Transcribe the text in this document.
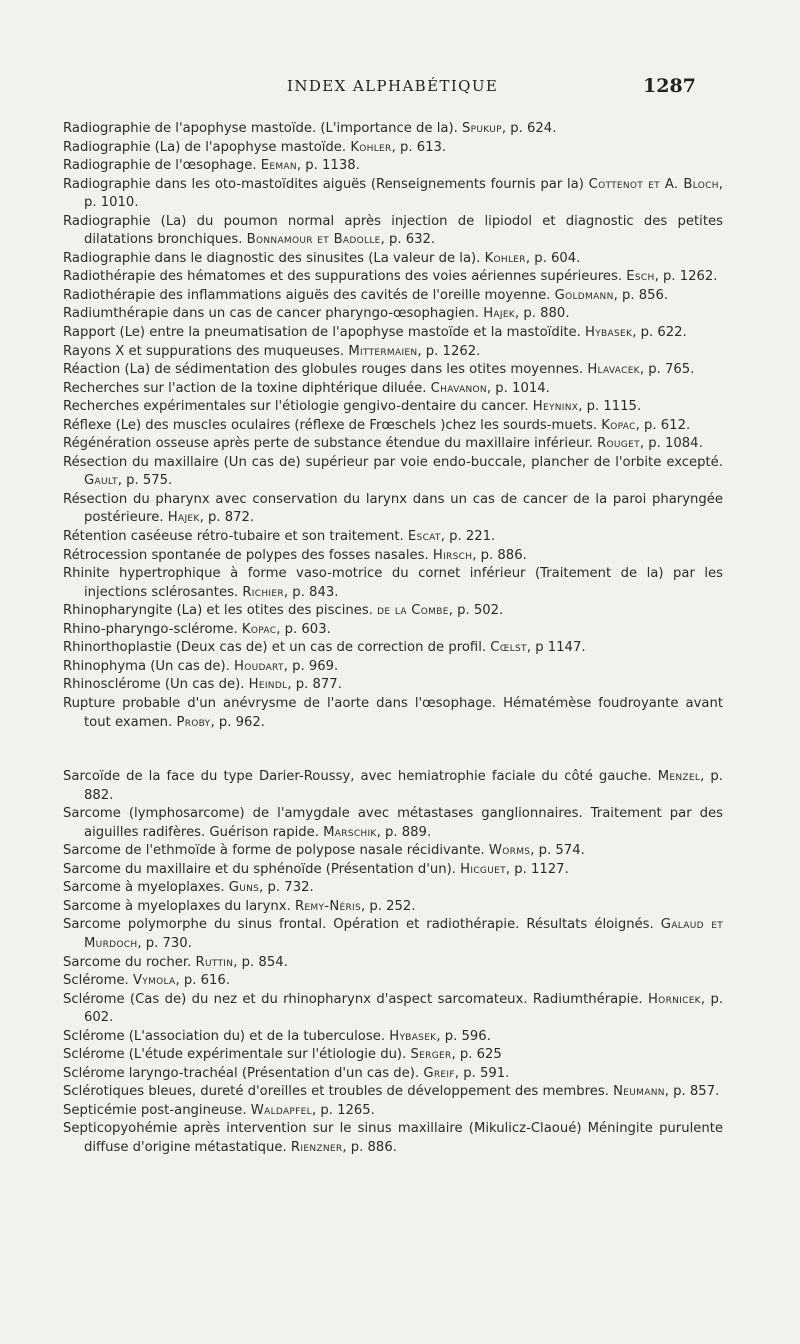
INDEX ALPHABÉTIQUE	1287

Radiographie de l'apophyse mastoïde. (L'importance de la). Spukup, p. 624.

Radiographie (La) de l'apophyse mastoïde. Kohler, p. 613.

Radiographie de l'œsophage. Eeman, p. 1138.

Radiographie dans les oto-mastoïdites aiguës (Renseignements fournis par la) Cottenot et A. Bloch, p. 1010.

Radiographie (La) du poumon normal après injection de lipiodol et diagnostic des petites dilatations bronchiques. Bonnamour et Badolle, p. 632.

Radiographie dans le diagnostic des sinusites (La valeur de la). Kohler, p. 604.

Radiothérapie des hématomes et des suppurations des voies aériennes supérieures. Esch, p. 1262.

Radiothérapie des inflammations aiguës des cavités de l'oreille moyenne. Goldmann, p. 856.

Radiumthérapie dans un cas de cancer pharyngo-œsophagien. Hajek, p. 880.

Rapport (Le) entre la pneumatisation de l'apophyse mastoïde et la mastoïdite. Hybasek, p. 622.

Rayons X et suppurations des muqueuses. Mittermaien, p. 1262.

Réaction (La) de sédimentation des globules rouges dans les otites moyennes. Hlavacek, p. 765.

Recherches sur l'action de la toxine diphtérique diluée. Chavanon, p. 1014.

Recherches expérimentales sur l'étiologie gengivo-dentaire du cancer. Heyninx, p. 1115.

Réflexe (Le) des muscles oculaires (réflexe de Frœschels )chez les sourds-muets. Kopac, p. 612.

Régénération osseuse après perte de substance étendue du maxillaire inférieur. Rouget, p. 1084.

Résection du maxillaire (Un cas de) supérieur par voie endo-buccale, plancher de l'orbite excepté. Gault, p. 575.

Résection du pharynx avec conservation du larynx dans un cas de cancer de la paroi pharyngée postérieure. Hajek, p. 872.

Rétention caséeuse rétro-tubaire et son traitement. Escat, p. 221.

Rétrocession spontanée de polypes des fosses nasales. Hirsch, p. 886.

Rhinite hypertrophique à forme vaso-motrice du cornet inférieur (Traitement de la) par les injections sclérosantes. Richier, p. 843.

Rhinopharyngite (La) et les otites des piscines. de la Combe, p. 502.

Rhino-pharyngo-sclérome. Kopac, p. 603.

Rhinorthoplastie (Deux cas de) et un cas de correction de profil. Cœlst, p 1147.

Rhinophyma (Un cas de). Houdart, p. 969.

Rhinosclérome (Un cas de). Heindl, p. 877.

Rupture probable d'un anévrysme de l'aorte dans l'œsophage. Hématémèse foudroyante avant tout examen. Proby, p. 962.

Sarcoïde de la face du type Darier-Roussy, avec hemiatrophie faciale du côté gauche. Menzel, p. 882.

Sarcome (lymphosarcome) de l'amygdale avec métastases ganglionnaires. Traitement par des aiguilles radifères. Guérison rapide. Marschik, p. 889.

Sarcome de l'ethmoïde à forme de polypose nasale récidivante. Worms, p. 574.

Sarcome du maxillaire et du sphénoïde (Présentation d'un). Hicguet, p. 1127.

Sarcome à myeloplaxes. Guns, p. 732.

Sarcome à myeloplaxes du larynx. Remy-Néris, p. 252.

Sarcome polymorphe du sinus frontal. Opération et radiothérapie. Résultats éloignés. Galaud et Murdoch, p. 730.

Sarcome du rocher. Ruttin, p. 854.

Sclérome. Vymola, p. 616.

Sclérome (Cas de) du nez et du rhinopharynx d'aspect sarcomateux. Radiumthérapie. Hornicek, p. 602.

Sclérome (L'association du) et de la tuberculose. Hybasek, p. 596.

Sclérome (L'étude expérimentale sur l'étiologie du). Serger, p. 625

Sclérome laryngo-trachéal (Présentation d'un cas de). Greif, p. 591.

Sclérotiques bleues, dureté d'oreilles et troubles de développement des membres. Neumann, p. 857.

Septicémie post-angineuse. Waldapfel, p. 1265.

Septicopyohémie après intervention sur le sinus maxillaire (Mikulicz-Claoué) Méningite purulente diffuse d'origine métastatique. Rienzner, p. 886.
